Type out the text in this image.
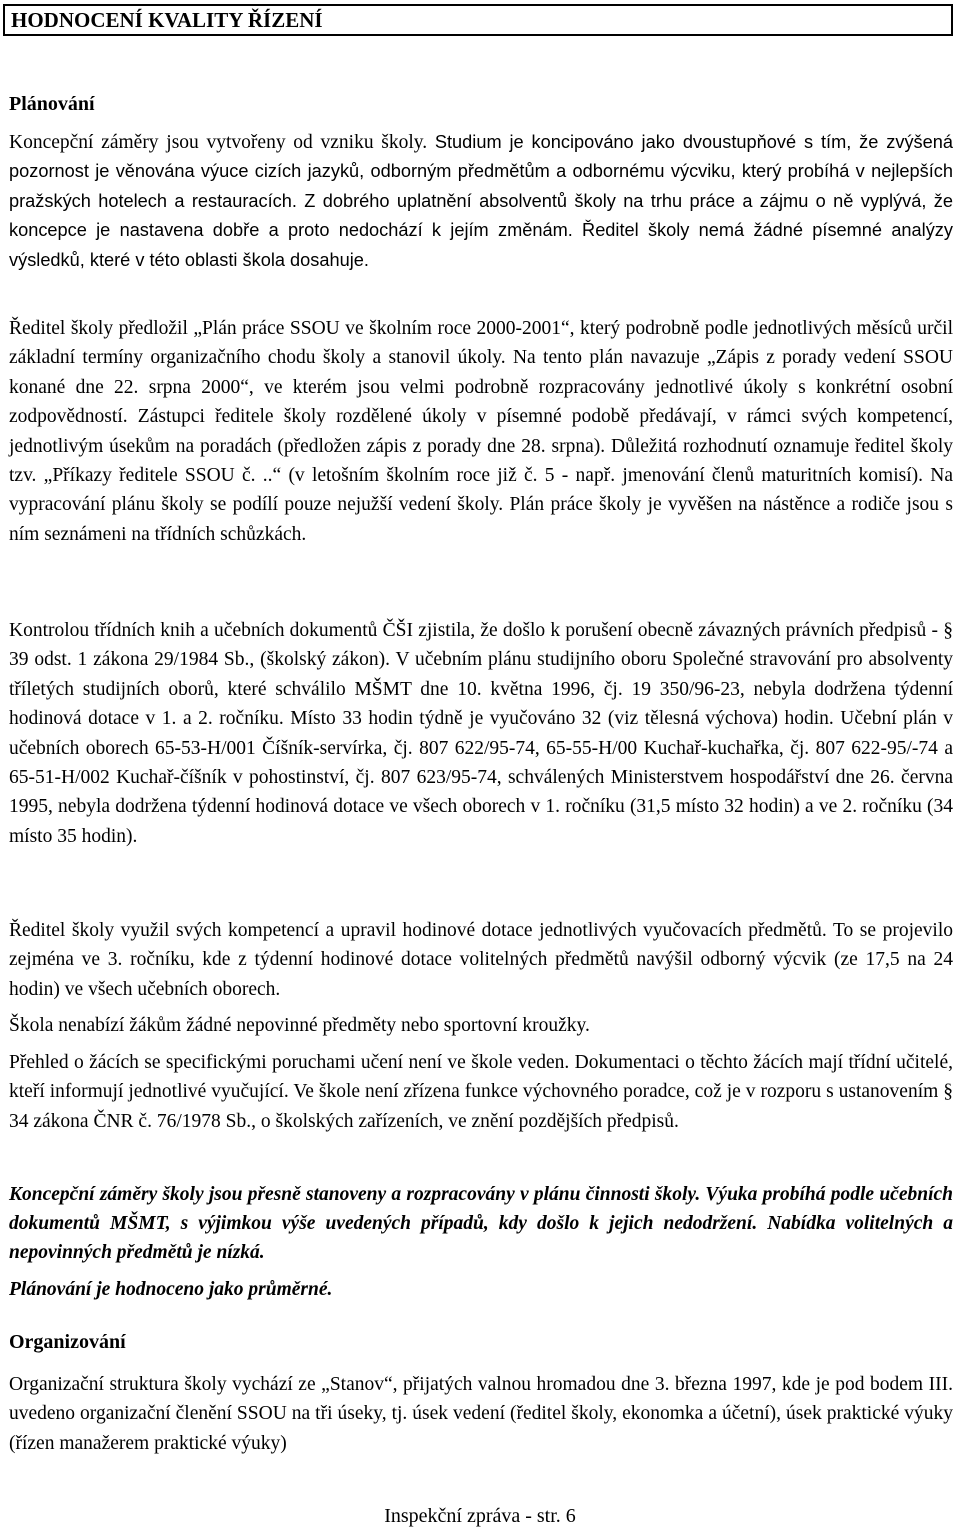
HODNOCENÍ KVALITY ŘÍZENÍ
Plánování

Koncepční záměry jsou vytvořeny od vzniku školy. Studium je koncipováno jako dvoustupňové s tím, že zvýšená pozornost je věnována výuce cizích jazyků, odborným předmětům a odbornému výcviku, který probíhá v nejlepších pražských hotelech a restauracích. Z dobrého uplatnění absolventů školy na trhu práce a zájmu o ně vyplývá, že koncepce je nastavena dobře a proto nedochází k jejím změnám. Ředitel školy nemá žádné písemné analýzy výsledků, které v této oblasti škola dosahuje.

Ředitel školy předložil „Plán práce SSOU ve školním roce 2000-2001“, který podrobně podle jednotlivých měsíců určil základní termíny organizačního chodu školy a stanovil úkoly. Na tento plán navazuje „Zápis z porady vedení SSOU konané dne 22. srpna 2000“, ve kterém jsou velmi podrobně rozpracovány jednotlivé úkoly s konkrétní osobní zodpovědností. Zástupci ředitele školy rozdělené úkoly v písemné podobě předávají, v rámci svých kompetencí, jednotlivým úsekům na poradách (předložen zápis z porady dne 28. srpna). Důležitá rozhodnutí oznamuje ředitel školy tzv. „Příkazy ředitele SSOU č. ..“ (v letošním školním roce již č. 5 - např. jmenování členů maturitních komisí). Na vypracování plánu školy se podílí pouze nejužší vedení školy. Plán práce školy je vyvěšen na nástěnce a rodiče jsou s ním seznámeni na třídních schůzkách.

Kontrolou třídních knih a učebních dokumentů ČŠI zjistila, že došlo k porušení obecně závazných právních předpisů - § 39 odst. 1 zákona 29/1984 Sb., (školský zákon). V učebním plánu studijního oboru Společné stravování pro absolventy tříletých studijních oborů, které schválilo MŠMT dne 10. května 1996, čj. 19 350/96-23, nebyla dodržena týdenní hodinová dotace v 1. a 2. ročníku. Místo 33 hodin týdně je vyučováno 32 (viz tělesná výchova) hodin. Učební plán v učebních oborech 65-53-H/001 Číšník-servírka, čj. 807 622/95-74, 65-55-H/00 Kuchař-kuchařka, čj. 807 622-95/-74 a 65-51-H/002 Kuchař-číšník v pohostinství, čj. 807 623/95-74, schválených Ministerstvem hospodářství dne 26. června 1995, nebyla dodržena týdenní hodinová dotace ve všech oborech v 1. ročníku (31,5 místo 32 hodin) a ve 2. ročníku (34 místo 35 hodin).

Ředitel školy využil svých kompetencí a upravil hodinové dotace jednotlivých vyučovacích předmětů. To se projevilo zejména ve 3. ročníku, kde z týdenní hodinové dotace volitelných předmětů navýšil odborný výcvik (ze 17,5 na 24 hodin) ve všech učebních oborech.

Škola nenabízí žákům žádné nepovinné předměty nebo sportovní kroužky.

Přehled o žácích se specifickými poruchami učení není ve škole veden. Dokumentaci o těchto žácích mají třídní učitelé, kteří informují jednotlivé vyučující. Ve škole není zřízena funkce výchovného poradce, což je v rozporu s ustanovením § 34 zákona ČNR č. 76/1978 Sb., o školských zařízeních, ve znění pozdějších předpisů.

Koncepční záměry školy jsou přesně stanoveny a rozpracovány v plánu činnosti školy. Výuka probíhá podle učebních dokumentů MŠMT, s výjimkou výše uvedených případů, kdy došlo k jejich nedodržení. Nabídka volitelných a nepovinných předmětů je nízká.

Plánování je hodnoceno jako průměrné.

Organizování

Organizační struktura školy vychází ze „Stanov“, přijatých valnou hromadou dne 3. března 1997, kde je pod bodem III. uvedeno organizační členění SSOU na tři úseky, tj. úsek vedení (ředitel školy, ekonomka a účetní), úsek praktické výuky (řízen manažerem praktické výuky)

Inspekční zpráva - str. 6
